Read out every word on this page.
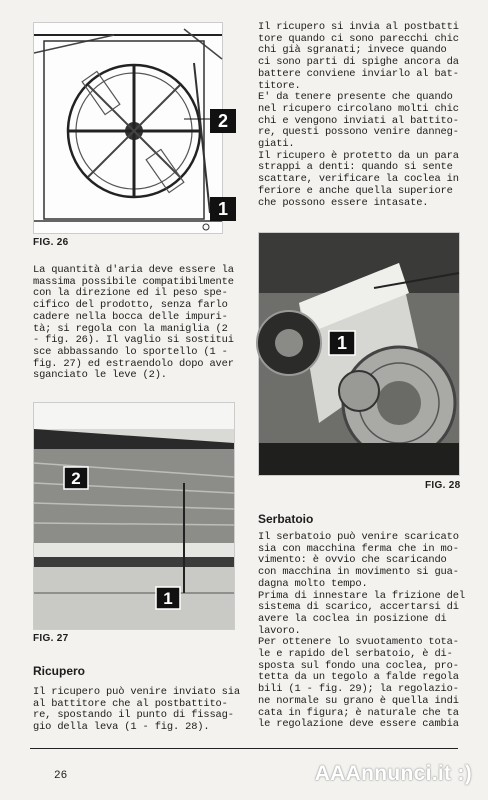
2
1
FIG. 26
La quantità d'aria deve essere la
massima possibile compatibilmente
con la direzione ed il peso spe-
cifico del prodotto, senza farlo
cadere nella bocca delle impuri-
tà; si regola con la maniglia (2
- fig. 26). Il vaglio si sostitui
sce abbassando lo sportello (1 -
fig. 27) ed estraendolo dopo aver
sganciato le leve (2).
2
1
FIG. 27
Ricupero
Il ricupero può venire inviato sia
al battitore che al postbattito-
re, spostando il punto di fissag-
gio della leva (1 - fig. 28).
Il ricupero si invia al postbatti
tore quando ci sono parecchi chic
chi già sgranati; invece quando
ci sono parti di spighe ancora da
battere conviene inviarlo al bat-
titore.
E' da tenere presente che quando
nel ricupero circolano molti chic
chi e vengono inviati al battito-
re, questi possono venire danneg-
giati.
Il ricupero è protetto da un para
strappi a denti: quando si sente
scattare, verificare la coclea in
feriore e anche quella superiore
che possono essere intasate.
1
FIG. 28
Serbatoio
Il serbatoio può venire scaricato
sia con macchina ferma che in mo-
vimento: è ovvio che scaricando
con macchina in movimento si gua-
dagna molto tempo.
Prima di innestare la frizione del
sistema di scarico, accertarsi di
avere la coclea in posizione di
lavoro.
Per ottenere lo svuotamento tota-
le e rapido del serbatoio, è di-
sposta sul fondo una coclea, pro-
tetta da un tegolo a falde regola
bili (1 - fig. 29); la regolazio-
ne normale su grano è quella indi
cata in figura; è naturale che ta
le regolazione deve essere cambia
26	AAAnnunci.it :)
